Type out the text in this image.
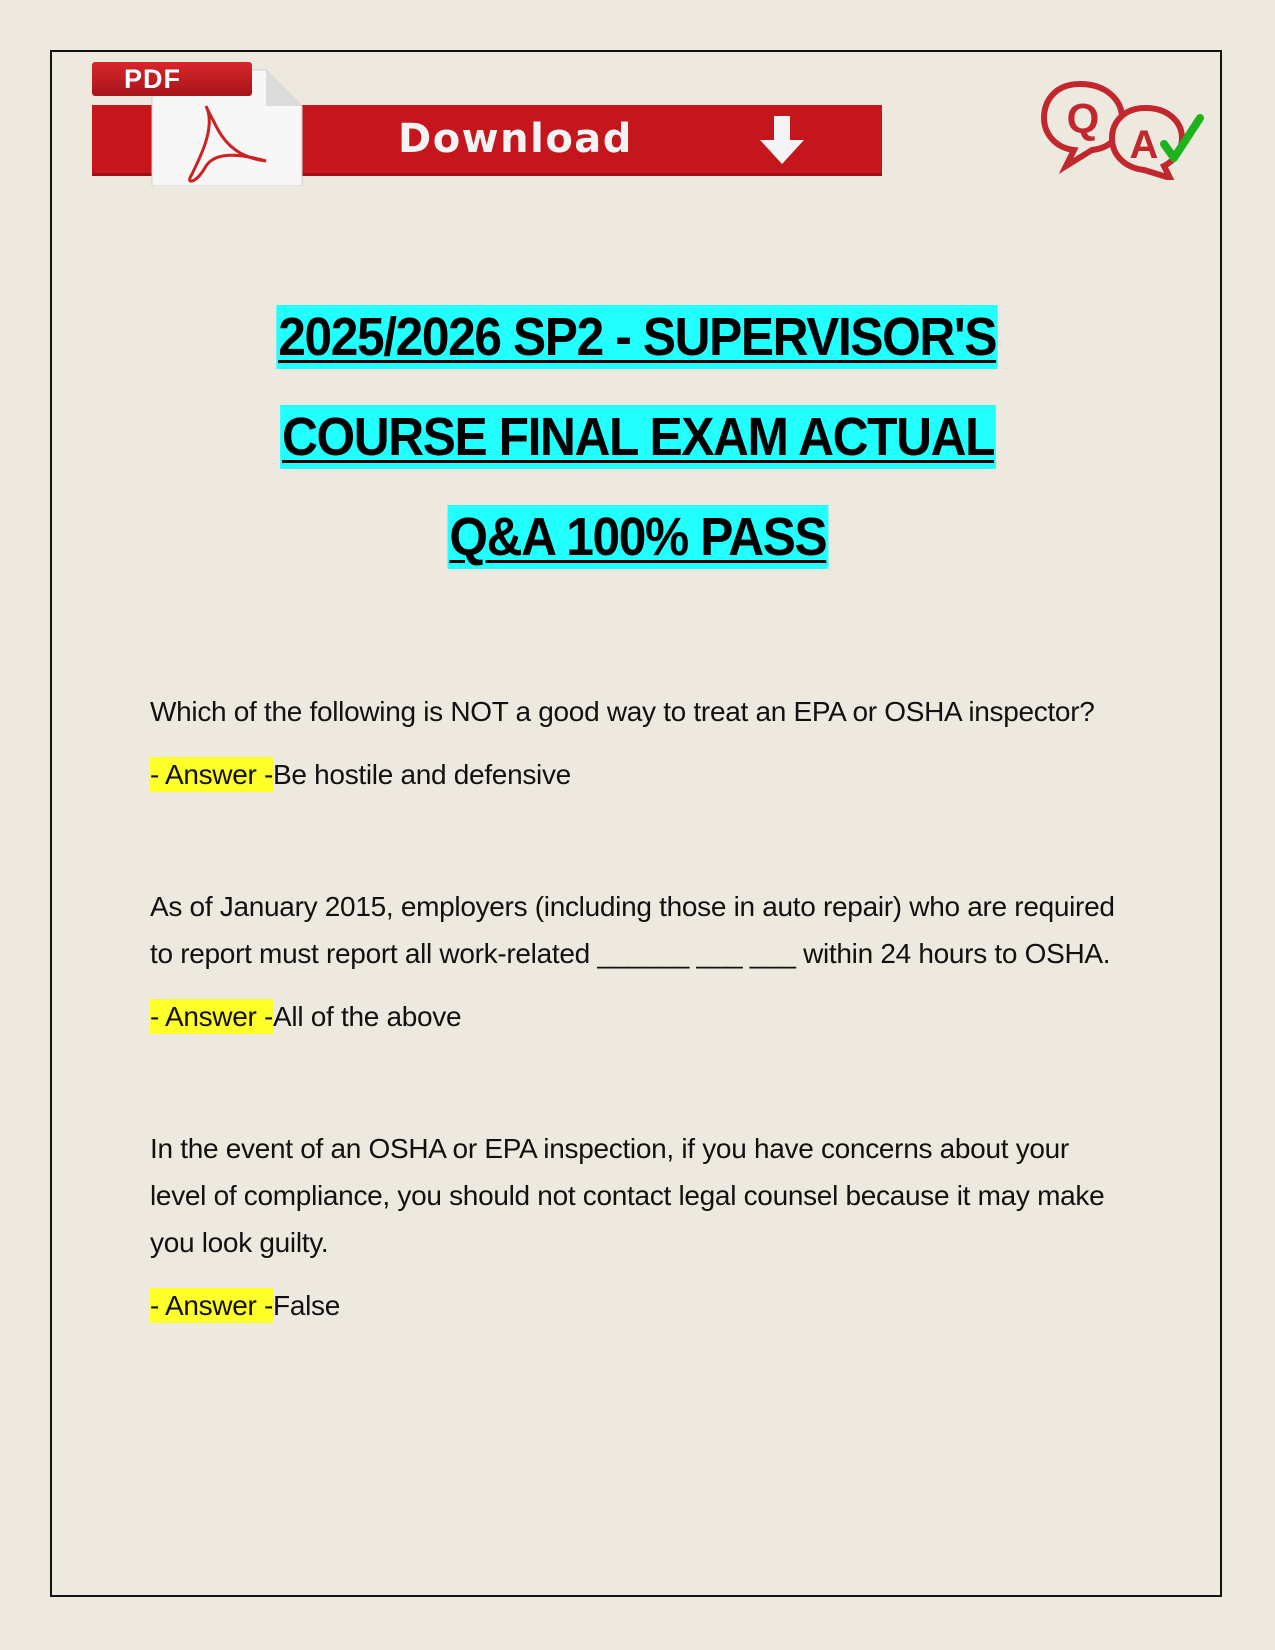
PDF
Download	Q
A
2025/2026 SP2 - SUPERVISOR'S
COURSE FINAL EXAM ACTUAL
Q&A 100% PASS

Which of the following is NOT a good way to treat an EPA or OSHA inspector?

- Answer -Be hostile and defensive

As of January 2015, employers (including those in auto repair) who are required to report must report all work-related ______ ___ ___ within 24 hours to OSHA.

- Answer -All of the above

In the event of an OSHA or EPA inspection, if you have concerns about your level of compliance, you should not contact legal counsel because it may make you look guilty.

- Answer -False
